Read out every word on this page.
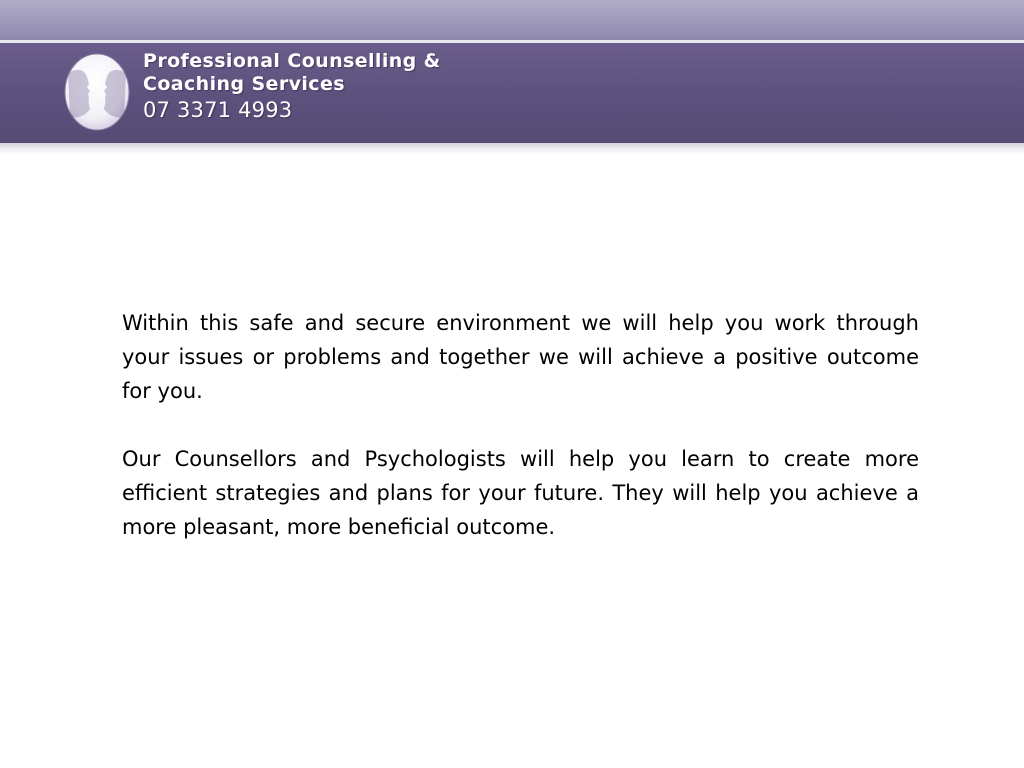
Professional Counselling &
Coaching Services
07 3371 4993

Within this safe and secure environment we will help you work through your issues or problems and together we will achieve a positive outcome for you.

Our Counsellors and Psychologists will help you learn to create more efficient strategies and plans for your future. They will help you achieve a more pleasant, more beneficial outcome.
